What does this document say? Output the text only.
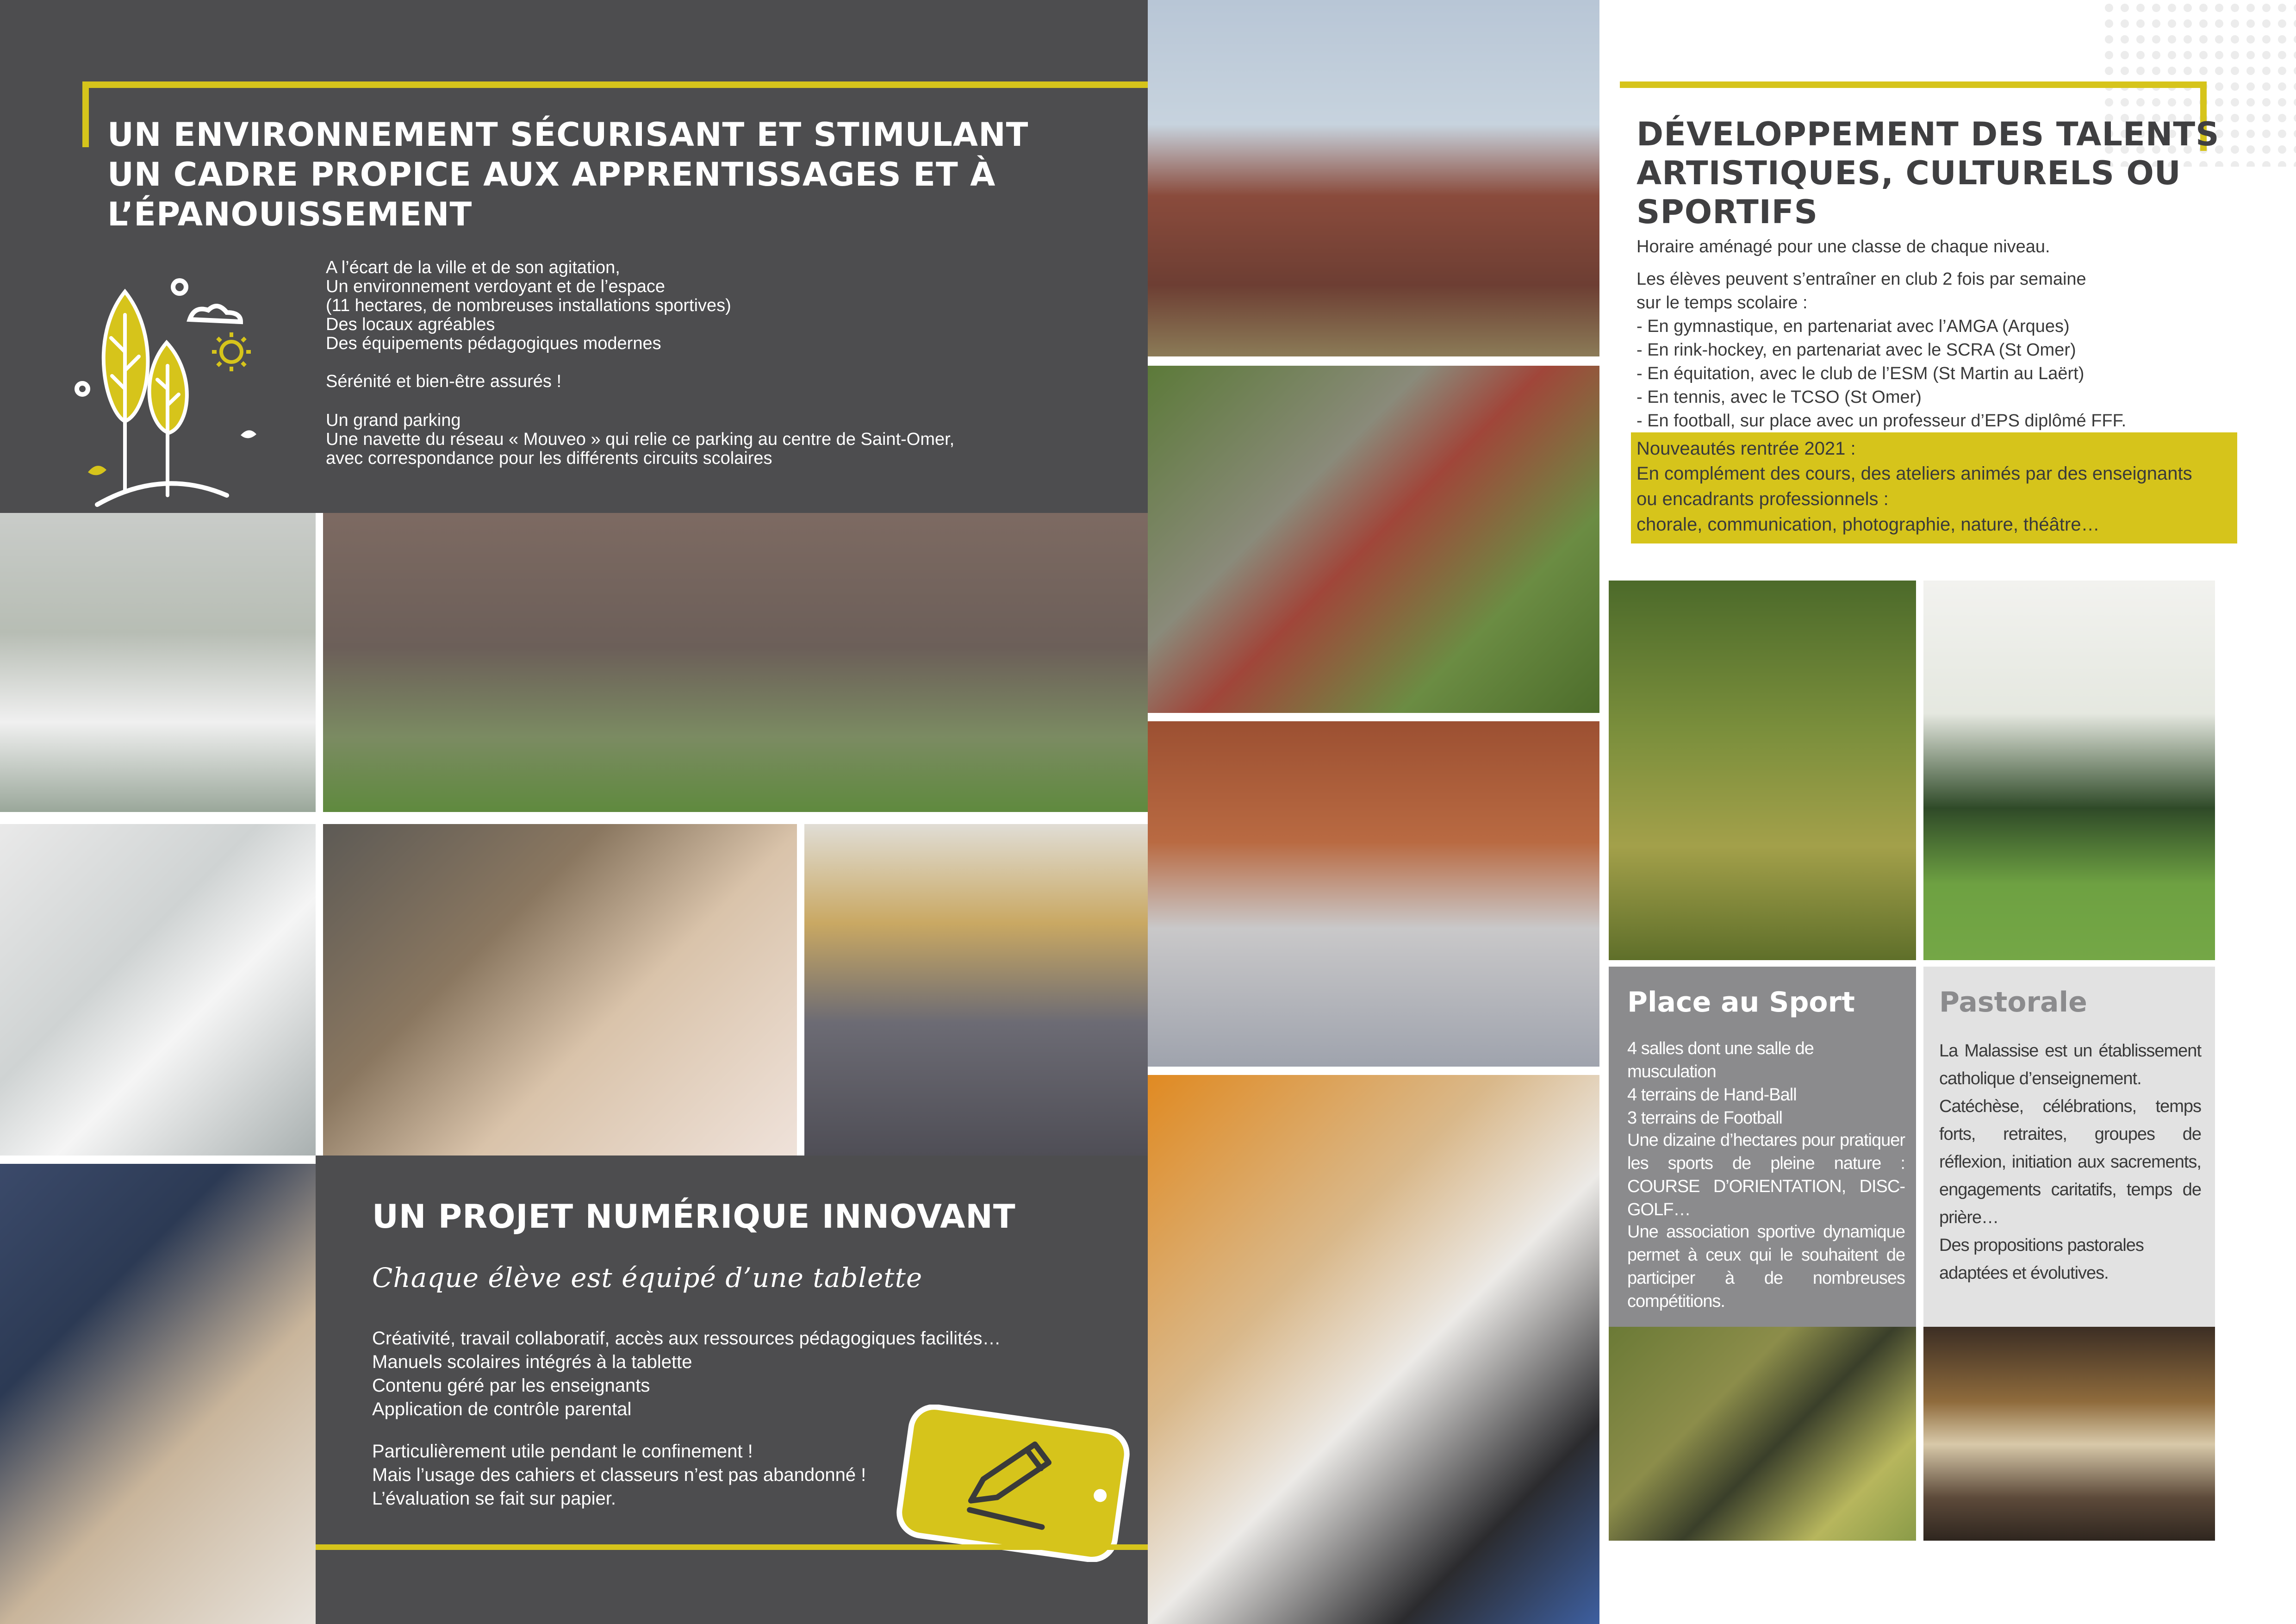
UN ENVIRONNEMENT SÉCURISANT ET STIMULANT
UN CADRE PROPICE AUX APPRENTISSAGES ET À
L’ÉPANOUISSEMENT
A l’écart de la ville et de son agitation,
Un environnement verdoyant et de l’espace
(11 hectares, de nombreuses installations sportives)
Des locaux agréables
Des équipements pédagogiques modernes
Sérénité et bien-être assurés !
Un grand parking
Une navette du réseau « Mouveo » qui relie ce parking au centre de Saint-Omer,
avec correspondance pour les différents circuits scolaires
UN PROJET NUMÉRIQUE INNOVANT
Chaque élève est équipé d’une tablette
Créativité, travail collaboratif, accès aux ressources pédagogiques facilités…
Manuels scolaires intégrés à la tablette
Contenu géré par les enseignants
Application de contrôle parental
Particulièrement utile pendant le confinement !
Mais l’usage des cahiers et classeurs n’est pas abandonné !
L’évaluation se fait sur papier.
DÉVELOPPEMENT DES TALENTS
ARTISTIQUES, CULTURELS OU
SPORTIFS
Horaire aménagé pour une classe de chaque niveau.
Les élèves peuvent s’entraîner en club 2 fois par semaine
sur le temps scolaire :
- En gymnastique, en partenariat avec l’AMGA (Arques)
- En rink-hockey, en partenariat avec le SCRA (St Omer)
- En équitation, avec le club de l’ESM (St Martin au Laërt)
- En tennis, avec le TCSO (St Omer)
- En football, sur place avec un professeur d’EPS diplômé FFF.
Nouveautés rentrée 2021 :
En complément des cours, des ateliers animés par des enseignants
ou encadrants professionnels :
chorale, communication, photographie, nature, théâtre…
Place au Sport
4 salles dont une salle de musculation
4 terrains de Hand-Ball
3 terrains de Football
Une dizaine d’hectares pour pratiquer les sports de pleine nature : COURSE D’ORIENTATION, DISC-GOLF…
Une association sportive dynamique permet à ceux qui le souhaitent de participer à de nombreuses compétitions.
Pastorale
La Malassise est un établissement catholique d’enseignement.
Catéchèse, célébrations, temps forts, retraites, groupes de réflexion, initiation aux sacrements, engagements caritatifs, temps de prière…
Des propositions pastorales adaptées et évolutives.
